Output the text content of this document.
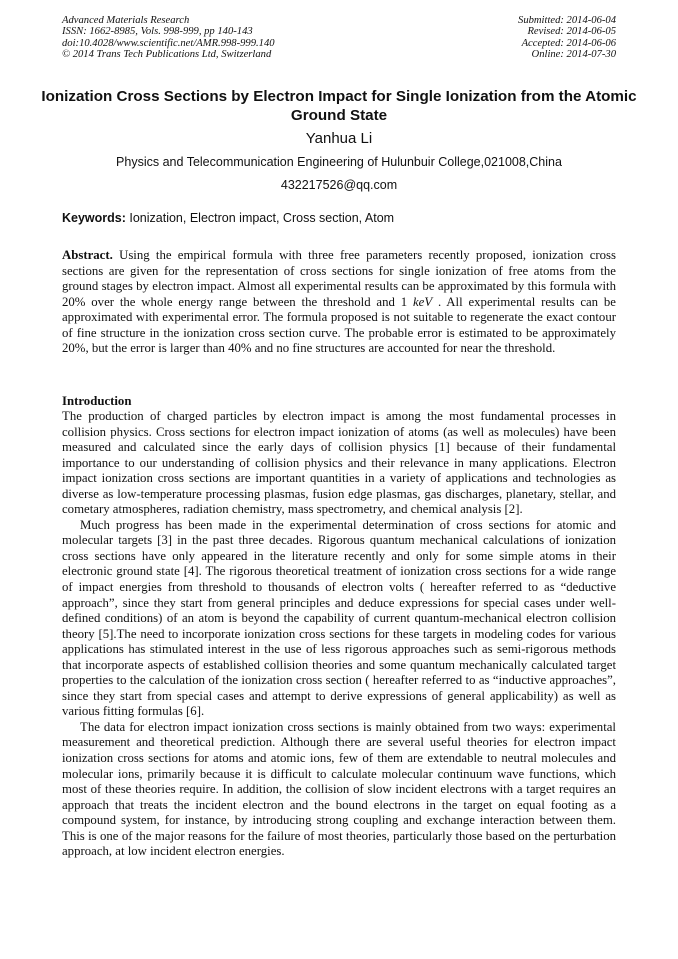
Advanced Materials Research
ISSN: 1662-8985, Vols. 998-999, pp 140-143
doi:10.4028/www.scientific.net/AMR.998-999.140
© 2014 Trans Tech Publications Ltd, Switzerland
Submitted: 2014-06-04
Revised: 2014-06-05
Accepted: 2014-06-06
Online: 2014-07-30
Ionization Cross Sections by Electron Impact for Single Ionization from the Atomic Ground State
Yanhua Li
Physics and Telecommunication Engineering of Hulunbuir College,021008,China
432217526@qq.com
Keywords: Ionization, Electron impact, Cross section, Atom
Abstract. Using the empirical formula with three free parameters recently proposed, ionization cross sections are given for the representation of cross sections for single ionization of free atoms from the ground stages by electron impact. Almost all experimental results can be approximated by this formula with 20% over the whole energy range between the threshold and 1 keV . All experimental results can be approximated with experimental error. The formula proposed is not suitable to regenerate the exact contour of fine structure in the ionization cross section curve. The probable error is estimated to be approximately 20%, but the error is larger than 40% and no fine structures are accounted for near the threshold.
Introduction

The production of charged particles by electron impact is among the most fundamental processes in collision physics. Cross sections for electron impact ionization of atoms (as well as molecules) have been measured and calculated since the early days of collision physics [1] because of their fundamental importance to our understanding of collision physics and their relevance in many applications. Electron impact ionization cross sections are important quantities in a variety of applications and technologies as diverse as low-temperature processing plasmas, fusion edge plasmas, gas discharges, planetary, stellar, and cometary atmospheres, radiation chemistry, mass spectrometry, and chemical analysis [2].

Much progress has been made in the experimental determination of cross sections for atomic and molecular targets [3] in the past three decades. Rigorous quantum mechanical calculations of ionization cross sections have only appeared in the literature recently and only for some simple atoms in their electronic ground state [4]. The rigorous theoretical treatment of ionization cross sections for a wide range of impact energies from threshold to thousands of electron volts ( hereafter referred to as “deductive approach”, since they start from general principles and deduce expressions for special cases under well-defined conditions) of an atom is beyond the capability of current quantum-mechanical electron collision theory [5].The need to incorporate ionization cross sections for these targets in modeling codes for various applications has stimulated interest in the use of less rigorous approaches such as semi-rigorous methods that incorporate aspects of established collision theories and some quantum mechanically calculated target properties to the calculation of the ionization cross section ( hereafter referred to as “inductive approaches”, since they start from special cases and attempt to derive expressions of general applicability) as well as various fitting formulas [6].

The data for electron impact ionization cross sections is mainly obtained from two ways: experimental measurement and theoretical prediction. Although there are several useful theories for electron impact ionization cross sections for atoms and atomic ions, few of them are extendable to neutral molecules and molecular ions, primarily because it is difficult to calculate molecular continuum wave functions, which most of these theories require. In addition, the collision of slow incident electrons with a target requires an approach that treats the incident electron and the bound electrons in the target on equal footing as a compound system, for instance, by introducing strong coupling and exchange interaction between them. This is one of the major reasons for the failure of most theories, particularly those based on the perturbation approach, at low incident electron energies.
